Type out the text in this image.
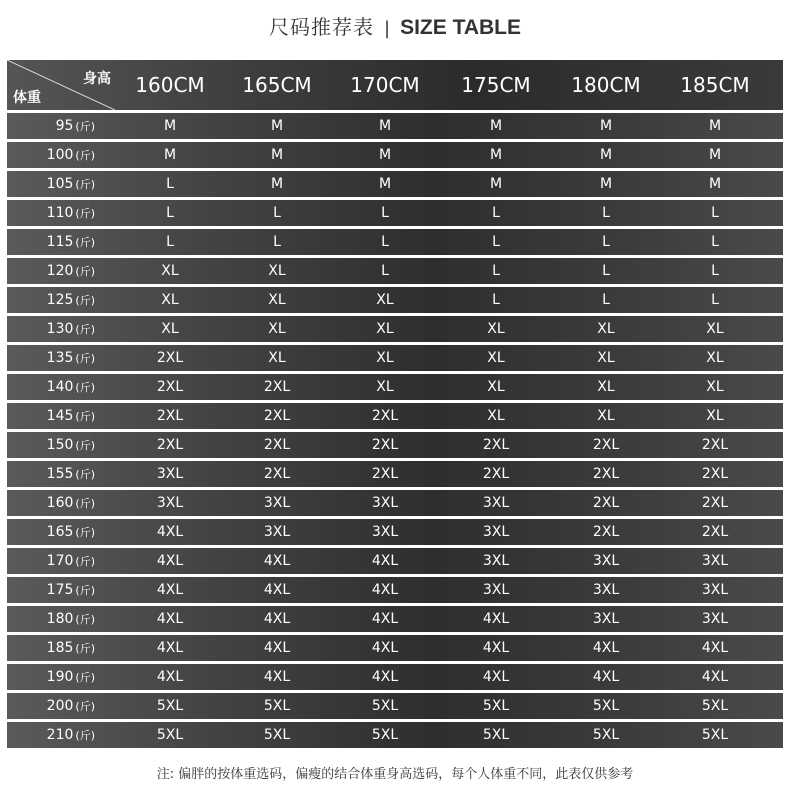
尺码推荐表 | SIZE TABLE
身高
体重
160CM	165CM	170CM	175CM	180CM	185CM
95 (斤)	M	M	M	M	M	M
100 (斤)	M	M	M	M	M	M
105 (斤)	L	M	M	M	M	M
110 (斤)	L	L	L	L	L	L
115 (斤)	L	L	L	L	L	L
120 (斤)	XL	XL	L	L	L	L
125 (斤)	XL	XL	XL	L	L	L
130 (斤)	XL	XL	XL	XL	XL	XL
135 (斤)	2XL	XL	XL	XL	XL	XL
140 (斤)	2XL	2XL	XL	XL	XL	XL
145 (斤)	2XL	2XL	2XL	XL	XL	XL
150 (斤)	2XL	2XL	2XL	2XL	2XL	2XL
155 (斤)	3XL	2XL	2XL	2XL	2XL	2XL
160 (斤)	3XL	3XL	3XL	3XL	2XL	2XL
165 (斤)	4XL	3XL	3XL	3XL	2XL	2XL
170 (斤)	4XL	4XL	4XL	3XL	3XL	3XL
175 (斤)	4XL	4XL	4XL	3XL	3XL	3XL
180 (斤)	4XL	4XL	4XL	4XL	3XL	3XL
185 (斤)	4XL	4XL	4XL	4XL	4XL	4XL
190 (斤)	4XL	4XL	4XL	4XL	4XL	4XL
200 (斤)	5XL	5XL	5XL	5XL	5XL	5XL
210 (斤)	5XL	5XL	5XL	5XL	5XL	5XL
注: 偏胖的按体重选码，偏瘦的结合体重身高选码，每个人体重不同，此表仅供参考
